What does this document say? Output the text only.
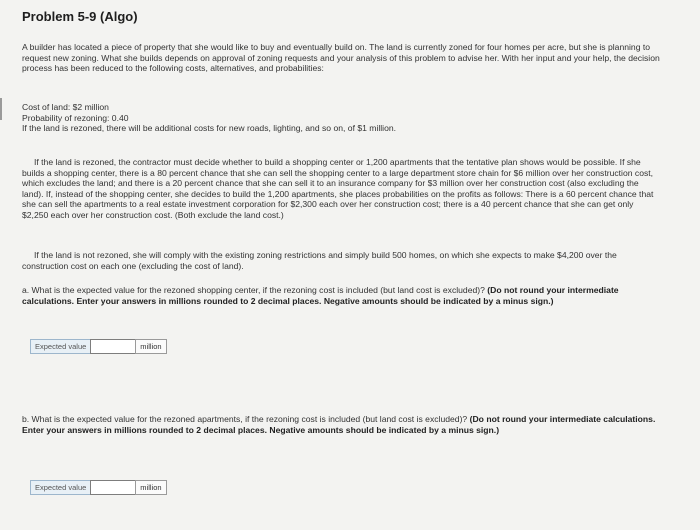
Problem 5-9 (Algo)

A builder has located a piece of property that she would like to buy and eventually build on. The land is currently zoned for four homes per acre, but she is planning to request new zoning. What she builds depends on approval of zoning requests and your analysis of this problem to advise her. With her input and your help, the decision process has been reduced to the following costs, alternatives, and probabilities:

Cost of land: $2 million

Probability of rezoning: 0.40

If the land is rezoned, there will be additional costs for new roads, lighting, and so on, of $1 million.

If the land is rezoned, the contractor must decide whether to build a shopping center or 1,200 apartments that the tentative plan shows would be possible. If she builds a shopping center, there is a 80 percent chance that she can sell the shopping center to a large department store chain for $6 million over her construction cost, which excludes the land; and there is a 20 percent chance that she can sell it to an insurance company for $3 million over her construction cost (also excluding the land). If, instead of the shopping center, she decides to build the 1,200 apartments, she places probabilities on the profits as follows: There is a 60 percent chance that she can sell the apartments to a real estate investment corporation for $2,300 each over her construction cost; there is a 40 percent chance that she can get only $2,250 each over her construction cost. (Both exclude the land cost.)

If the land is not rezoned, she will comply with the existing zoning restrictions and simply build 500 homes, on which she expects to make $4,200 over the construction cost on each one (excluding the cost of land).

a. What is the expected value for the rezoned shopping center, if the rezoning cost is included (but land cost is excluded)? (Do not round your intermediate calculations. Enter your answers in millions rounded to 2 decimal places. Negative amounts should be indicated by a minus sign.)

Expected value	million

b. What is the expected value for the rezoned apartments, if the rezoning cost is included (but land cost is excluded)? (Do not round your intermediate calculations. Enter your answers in millions rounded to 2 decimal places. Negative amounts should be indicated by a minus sign.)

Expected value	million
